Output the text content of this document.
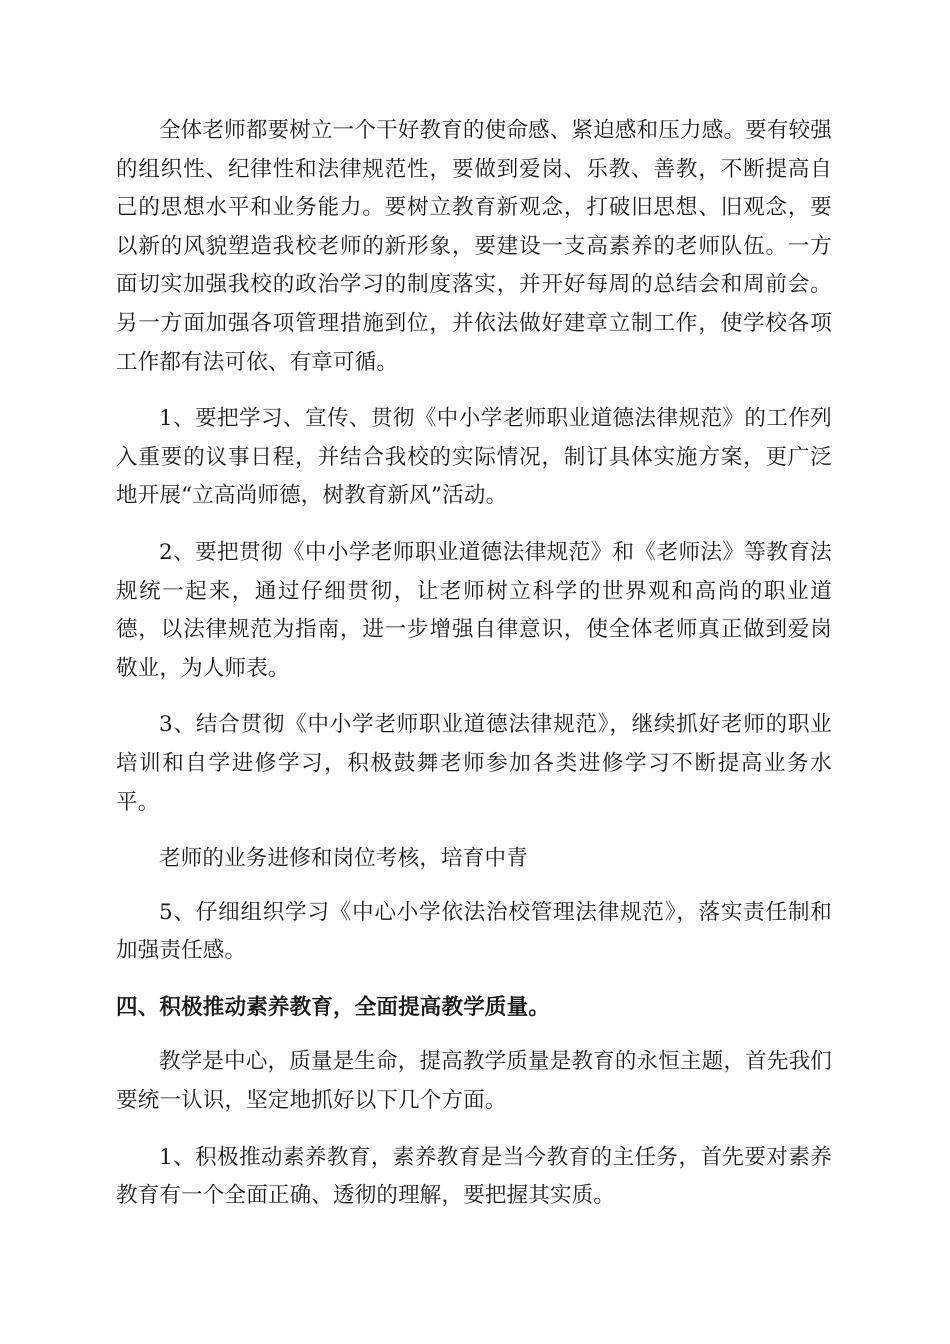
全体老师都要树立一个干好教育的使命感、紧迫感和压力感。要有较强的组织性、纪律性和法律规范性，要做到爱岗、乐教、善教，不断提高自己的思想水平和业务能力。要树立教育新观念，打破旧思想、旧观念，要以新的风貌塑造我校老师的新形象，要建设一支高素养的老师队伍。一方面切实加强我校的政治学习的制度落实，并开好每周的总结会和周前会。另一方面加强各项管理措施到位，并依法做好建章立制工作，使学校各项工作都有法可依、有章可循。

1、要把学习、宣传、贯彻《中小学老师职业道德法律规范》的工作列入重要的议事日程，并结合我校的实际情况，制订具体实施方案，更广泛地开展“立高尚师德，树教育新风”活动。

2、要把贯彻《中小学老师职业道德法律规范》和《老师法》等教育法规统一起来，通过仔细贯彻，让老师树立科学的世界观和高尚的职业道德，以法律规范为指南，进一步增强自律意识，使全体老师真正做到爱岗敬业，为人师表。

3、结合贯彻《中小学老师职业道德法律规范》，继续抓好老师的职业培训和自学进修学习，积极鼓舞老师参加各类进修学习不断提高业务水平。

老师的业务进修和岗位考核，培育中青

5、仔细组织学习《中心小学依法治校管理法律规范》，落实责任制和加强责任感。

四、积极推动素养教育，全面提高教学质量。

教学是中心，质量是生命，提高教学质量是教育的永恒主题，首先我们要统一认识，坚定地抓好以下几个方面。

1、积极推动素养教育，素养教育是当今教育的主任务，首先要对素养教育有一个全面正确、透彻的理解，要把握其实质。
